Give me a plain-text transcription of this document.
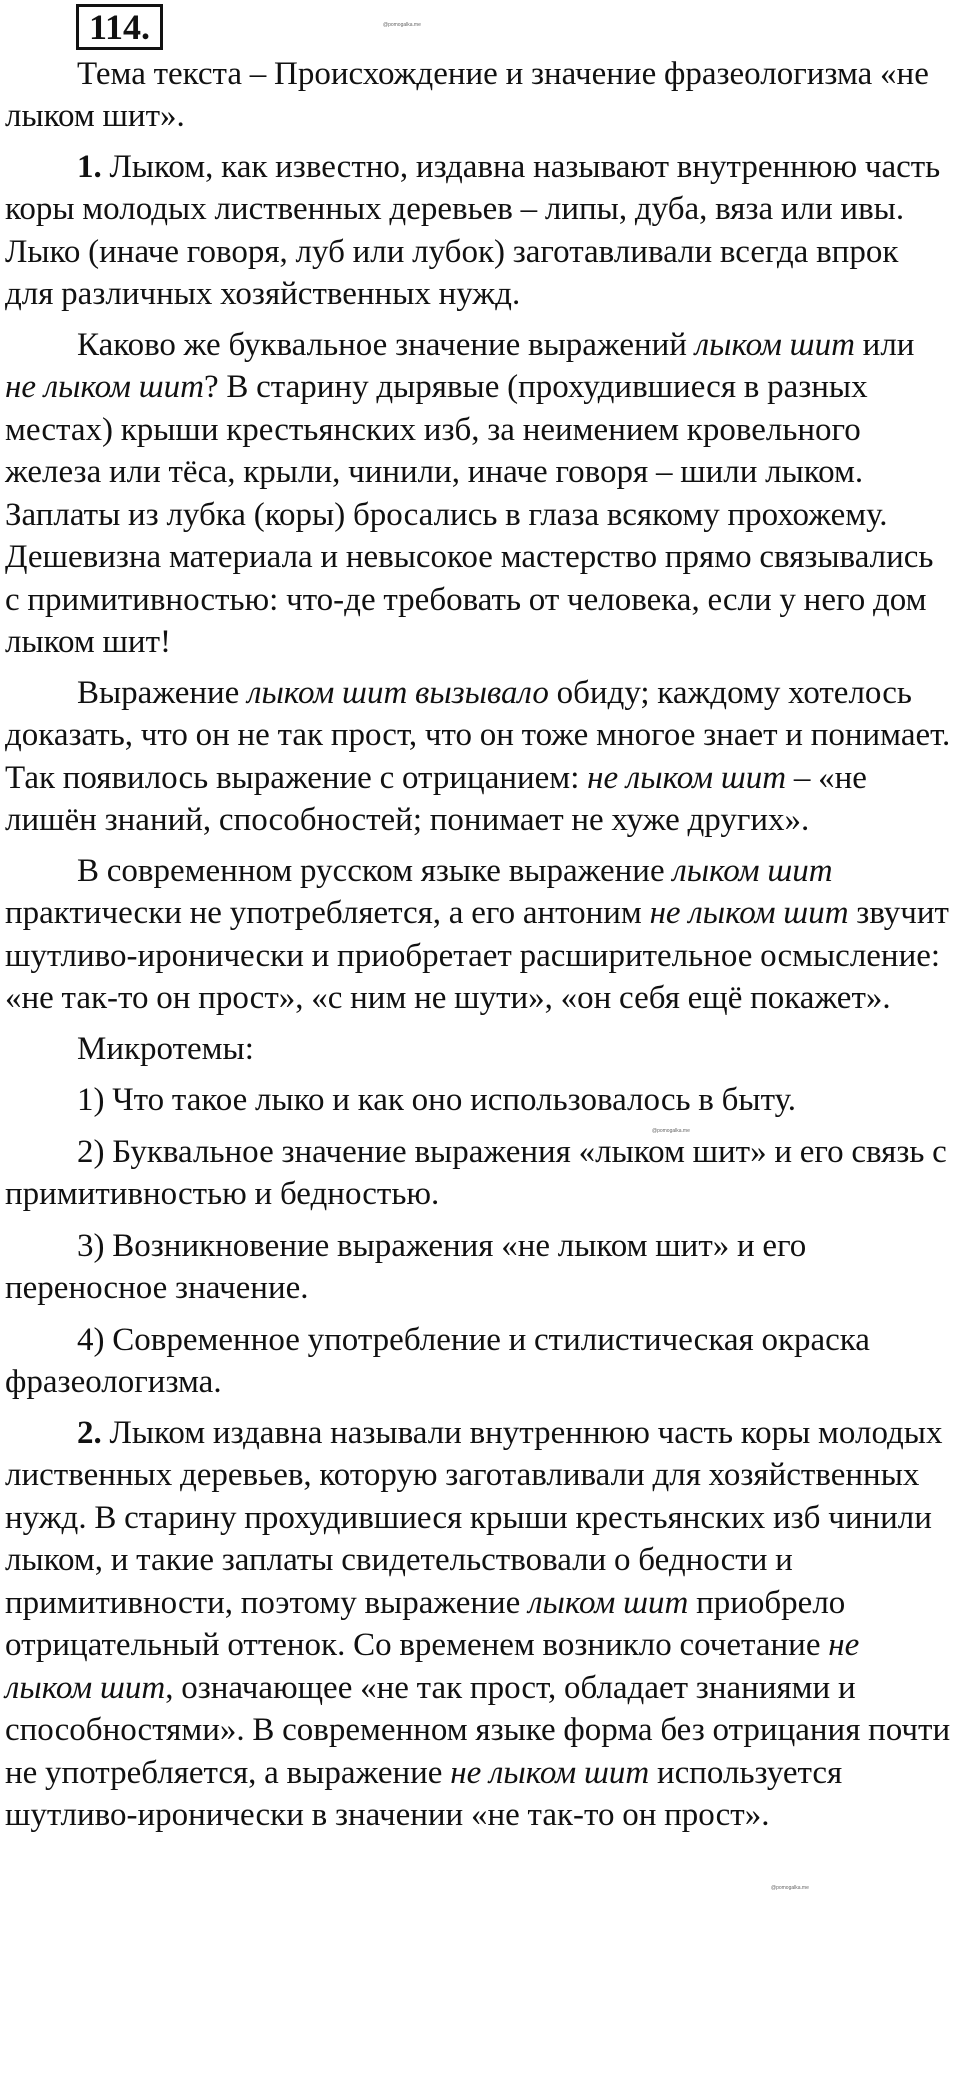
114.	@pomogalka.me
@pomogalka.me
@pomogalka.me

Тема текста – Происхождение и значение фразеологизма «не лыком шит».

1. Лыком, как известно, издавна называют внутреннюю часть коры молодых лиственных деревьев – липы, дуба, вяза или ивы. Лыко (иначе говоря, луб или лубок) заготавливали всегда впрок для различных хозяйственных нужд.

Каково же буквальное значение выражений лыком шит или не лыком шит? В старину дырявые (прохудившиеся в разных местах) крыши крестьянских изб, за неимением кровельного железа или тёса, крыли, чинили, иначе говоря – шили лыком. Заплаты из лубка (коры) бросались в глаза всякому прохожему. Дешевизна материала и невысокое мастерство прямо связывались с примитивностью: что-де требовать от человека, если у него дом лыком шит!

Выражение лыком шит вызывало обиду; каждому хотелось доказать, что он не так прост, что он тоже многое знает и понимает. Так появилось выражение с отрицанием: не лыком шит – «не лишён знаний, способностей; понимает не хуже других».

В современном русском языке выражение лыком шит практически не употребляется, а его антоним не лыком шит звучит шутливо-иронически и приобретает расширительное осмысление: «не так-то он прост», «с ним не шути», «он себя ещё покажет».

Микротемы:

1) Что такое лыко и как оно использовалось в быту.

2) Буквальное значение выражения «лыком шит» и его связь с примитивностью и бедностью.

3) Возникновение выражения «не лыком шит» и его переносное значение.

4) Современное употребление и стилистическая окраска фразеологизма.

2. Лыком издавна называли внутреннюю часть коры молодых лиственных деревьев, которую заготавливали для хозяйственных нужд. В старину прохудившиеся крыши крестьянских изб чинили лыком, и такие заплаты свидетельствовали о бедности и примитивности, поэтому выражение лыком шит приобрело отрицательный оттенок. Со временем возникло сочетание не лыком шит, означающее «не так прост, обладает знаниями и способностями». В современном языке форма без отрицания почти не употребляется, а выражение не лыком шит используется шутливо-иронически в значении «не так-то он прост».
